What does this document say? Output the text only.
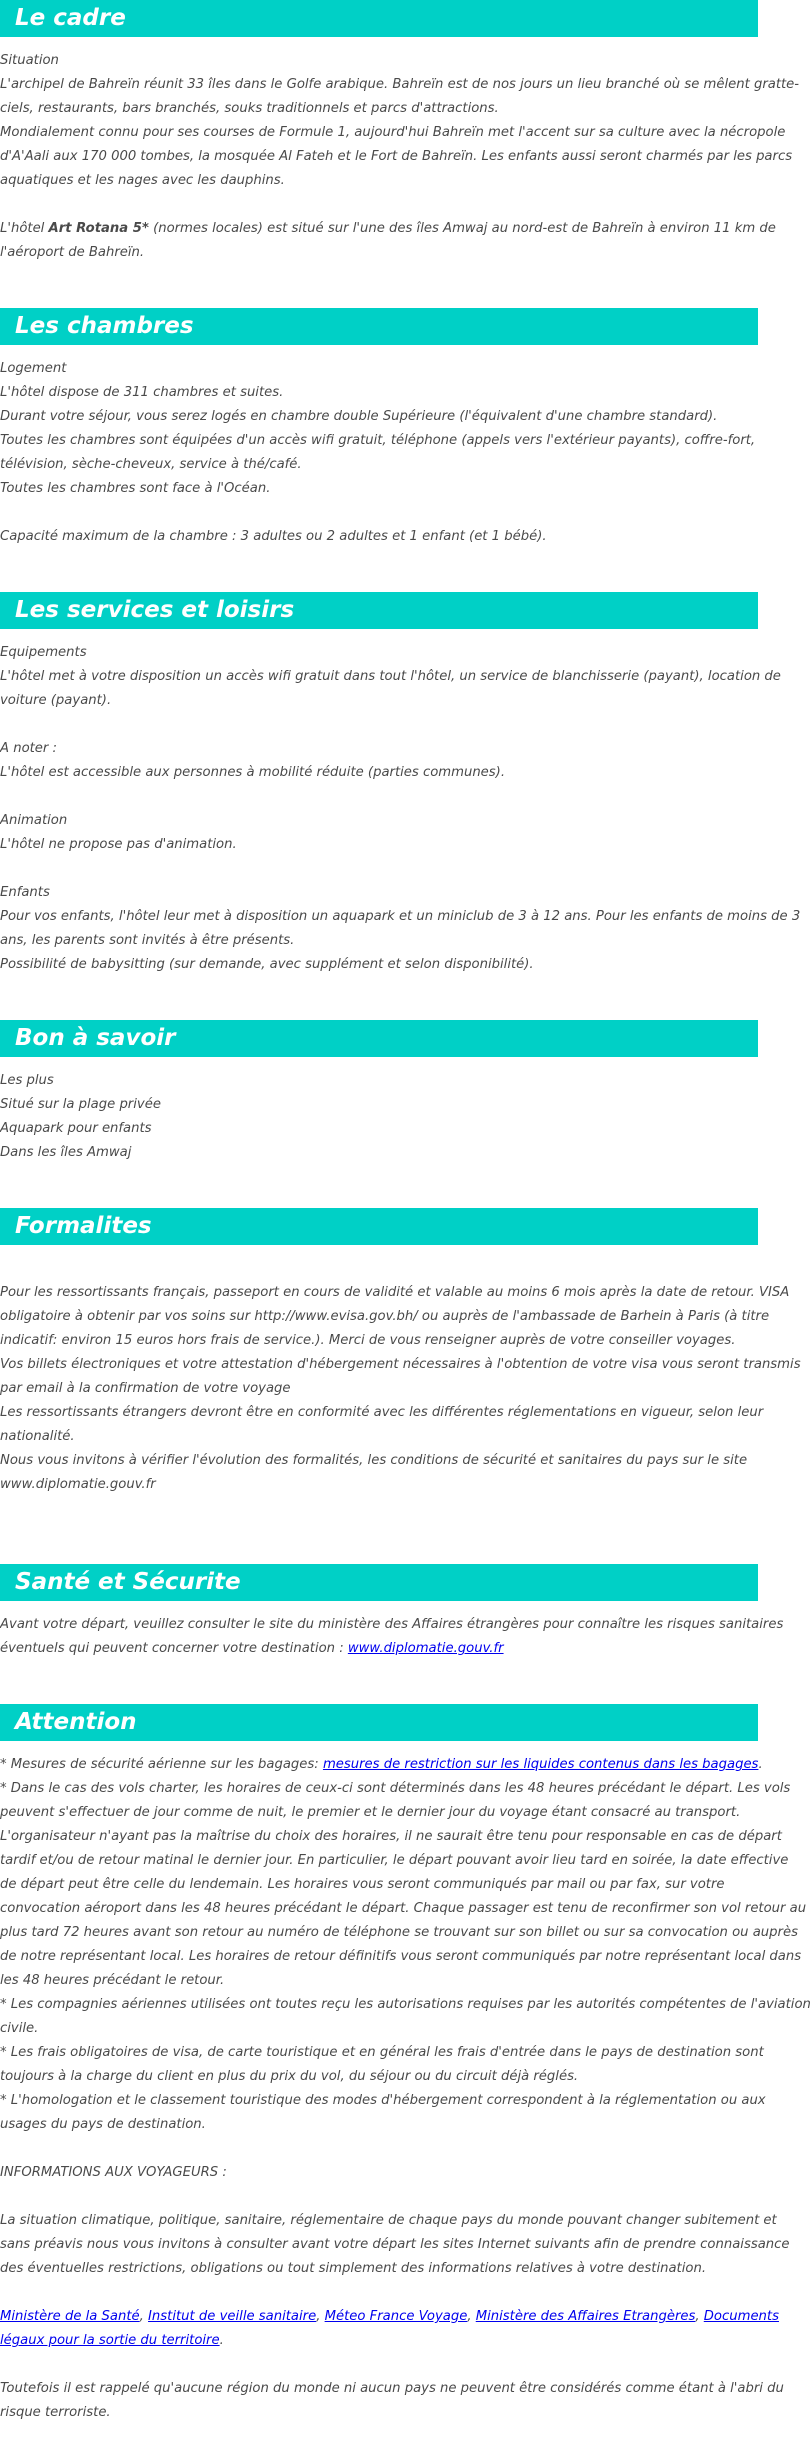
Le cadre
Situation
L'archipel de Bahreïn réunit 33 îles dans le Golfe arabique. Bahreïn est de nos jours un lieu branché où se mêlent gratte-
ciels, restaurants, bars branchés, souks traditionnels et parcs d'attractions.
Mondialement connu pour ses courses de Formule 1, aujourd'hui Bahreïn met l'accent sur sa culture avec la nécropole
d'A'Aali aux 170 000 tombes, la mosquée Al Fateh et le Fort de Bahreïn. Les enfants aussi seront charmés par les parcs
aquatiques et les nages avec les dauphins.
L'hôtel Art Rotana 5* (normes locales) est situé sur l'une des îles Amwaj au nord-est de Bahreïn à environ 11 km de
l'aéroport de Bahreïn.
Les chambres
Logement
L'hôtel dispose de 311 chambres et suites.
Durant votre séjour, vous serez logés en chambre double Supérieure (l'équivalent d'une chambre standard).
Toutes les chambres sont équipées d'un accès wifi gratuit, téléphone (appels vers l'extérieur payants), coffre-fort,
télévision, sèche-cheveux, service à thé/café.
Toutes les chambres sont face à l'Océan.
Capacité maximum de la chambre : 3 adultes ou 2 adultes et 1 enfant (et 1 bébé).
Les services et loisirs
Equipements
L'hôtel met à votre disposition un accès wifi gratuit dans tout l'hôtel, un service de blanchisserie (payant), location de
voiture (payant).
A noter :
L'hôtel est accessible aux personnes à mobilité réduite (parties communes).
Animation
L'hôtel ne propose pas d'animation.
Enfants
Pour vos enfants, l'hôtel leur met à disposition un aquapark et un miniclub de 3 à 12 ans. Pour les enfants de moins de 3
ans, les parents sont invités à être présents.
Possibilité de babysitting (sur demande, avec supplément et selon disponibilité).
Bon à savoir
Les plus
Situé sur la plage privée
Aquapark pour enfants
Dans les îles Amwaj
Formalites
Pour les ressortissants français, passeport en cours de validité et valable au moins 6 mois après la date de retour. VISA
obligatoire à obtenir par vos soins sur http://www.evisa.gov.bh/ ou auprès de l'ambassade de Barhein à Paris (à titre
indicatif: environ 15 euros hors frais de service.). Merci de vous renseigner auprès de votre conseiller voyages.
Vos billets électroniques et votre attestation d'hébergement nécessaires à l'obtention de votre visa vous seront transmis
par email à la confirmation de votre voyage
Les ressortissants étrangers devront être en conformité avec les différentes réglementations en vigueur, selon leur
nationalité.
Nous vous invitons à vérifier l'évolution des formalités, les conditions de sécurité et sanitaires du pays sur le site
www.diplomatie.gouv.fr
Santé et Sécurite
Avant votre départ, veuillez consulter le site du ministère des Affaires étrangères pour connaître les risques sanitaires
éventuels qui peuvent concerner votre destination : www.diplomatie.gouv.fr
Attention
* Mesures de sécurité aérienne sur les bagages: mesures de restriction sur les liquides contenus dans les bagages.
* Dans le cas des vols charter, les horaires de ceux-ci sont déterminés dans les 48 heures précédant le départ. Les vols
peuvent s'effectuer de jour comme de nuit, le premier et le dernier jour du voyage étant consacré au transport.
L'organisateur n'ayant pas la maîtrise du choix des horaires, il ne saurait être tenu pour responsable en cas de départ
tardif et/ou de retour matinal le dernier jour. En particulier, le départ pouvant avoir lieu tard en soirée, la date effective
de départ peut être celle du lendemain. Les horaires vous seront communiqués par mail ou par fax, sur votre
convocation aéroport dans les 48 heures précédant le départ. Chaque passager est tenu de reconfirmer son vol retour au
plus tard 72 heures avant son retour au numéro de téléphone se trouvant sur son billet ou sur sa convocation ou auprès
de notre représentant local. Les horaires de retour définitifs vous seront communiqués par notre représentant local dans
les 48 heures précédant le retour.
* Les compagnies aériennes utilisées ont toutes reçu les autorisations requises par les autorités compétentes de l'aviation
civile.
* Les frais obligatoires de visa, de carte touristique et en général les frais d'entrée dans le pays de destination sont
toujours à la charge du client en plus du prix du vol, du séjour ou du circuit déjà réglés.
* L'homologation et le classement touristique des modes d'hébergement correspondent à la réglementation ou aux
usages du pays de destination.
INFORMATIONS AUX VOYAGEURS :
La situation climatique, politique, sanitaire, réglementaire de chaque pays du monde pouvant changer subitement et
sans préavis nous vous invitons à consulter avant votre départ les sites Internet suivants afin de prendre connaissance
des éventuelles restrictions, obligations ou tout simplement des informations relatives à votre destination.
Ministère de la Santé, Institut de veille sanitaire, Méteo France Voyage, Ministère des Affaires Etrangères, Documents
légaux pour la sortie du territoire.
Toutefois il est rappelé qu'aucune région du monde ni aucun pays ne peuvent être considérés comme étant à l'abri du
risque terroriste.
